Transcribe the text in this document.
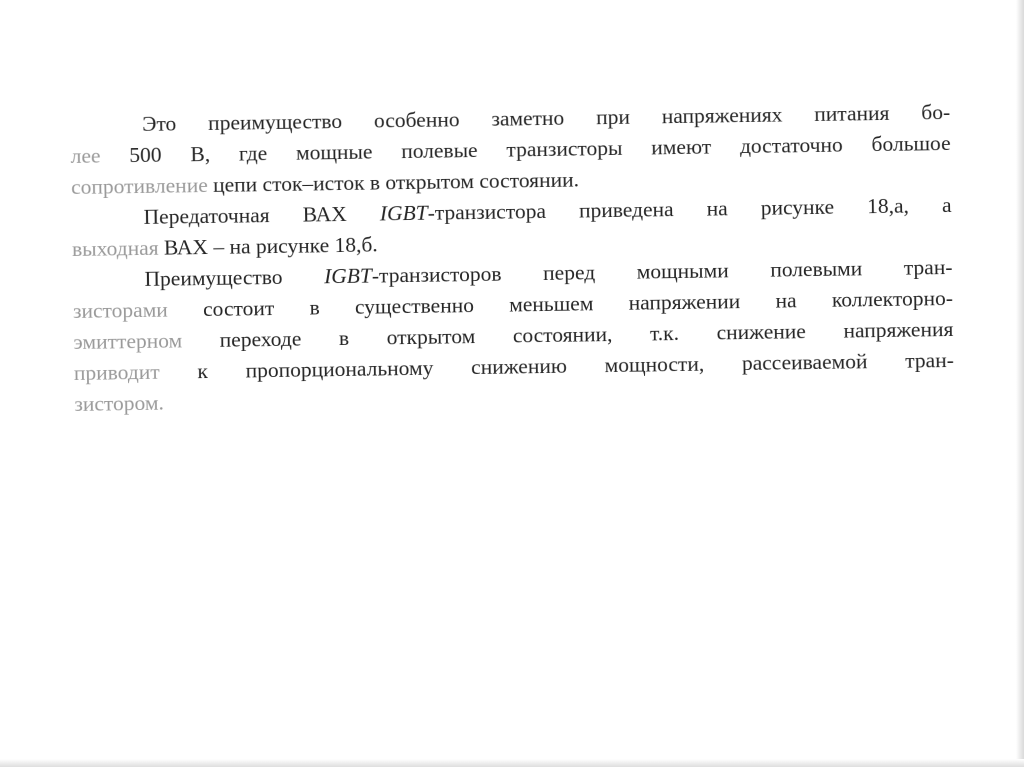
Это преимущество особенно заметно при напряжениях питания бо-
лее 500 В, где мощные полевые транзисторы имеют достаточно большое
сопротивление цепи сток–исток в открытом состоянии.

Передаточная ВАХ IGBT-транзистора приведена на рисунке 18,а, а
выходная ВАХ – на рисунке 18,б.

Преимущество IGBT-транзисторов перед мощными полевыми тран-
зисторами состоит в существенно меньшем напряжении на коллекторно-
эмиттерном переходе в открытом состоянии, т.к. снижение напряжения
приводит к пропорциональному снижению мощности, рассеиваемой тран-
зистором.
